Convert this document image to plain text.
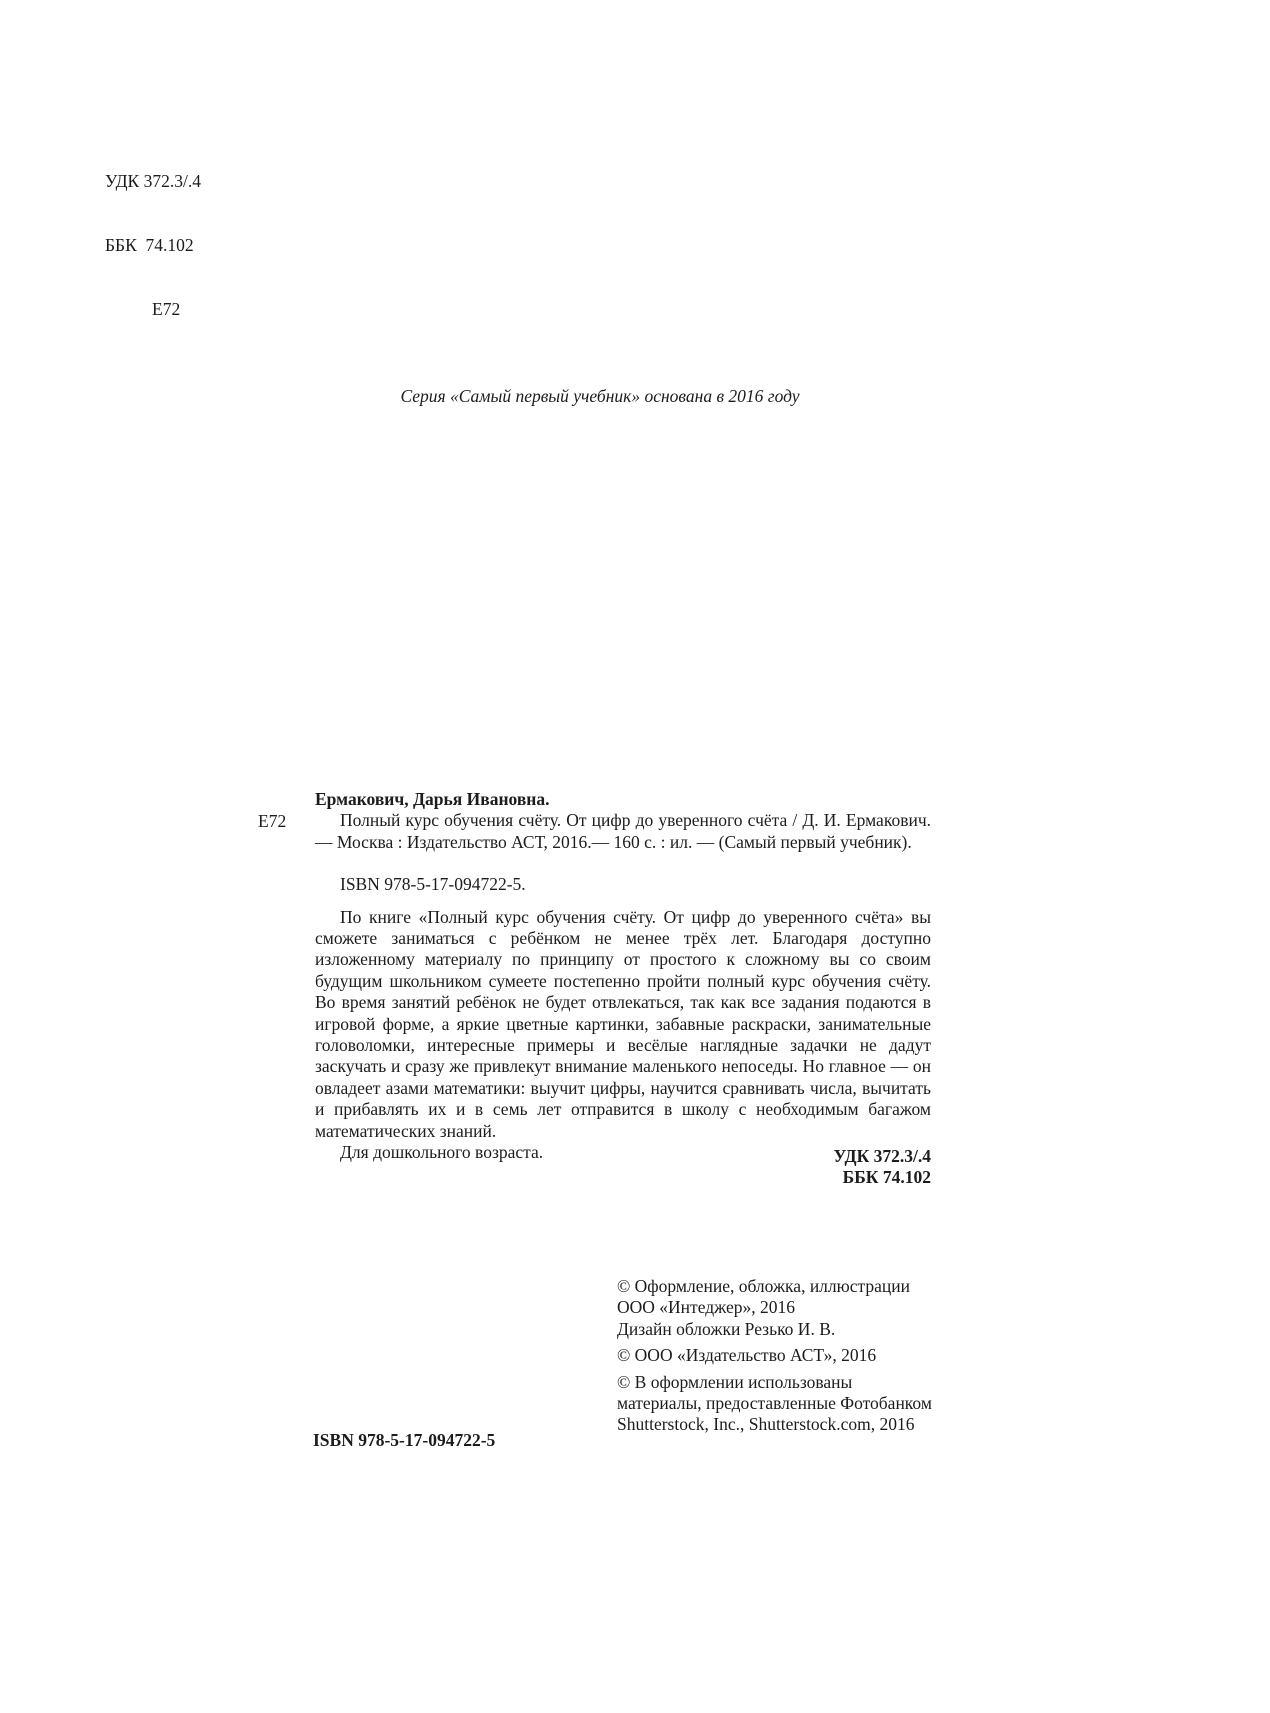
УДК 372.3/.4

ББК  74.102

Е72

Серия «Самый первый учебник» основана в 2016 году
Е72

Ермакович, Дарья Ивановна.

Полный курс обучения счёту. От цифр до уверенного счёта / Д. И. Ермакович. — Москва : Издательство АСТ, 2016.— 160 с. : ил. — (Самый первый учебник).

ISBN 978-5-17-094722-5.

По книге «Полный курс обучения счёту. От цифр до уверенного счёта» вы сможете заниматься с ребёнком не менее трёх лет. Благодаря доступно изложенному материалу по принципу от простого к сложному вы со своим будущим школьником сумеете постепенно пройти полный курс обучения счёту. Во время занятий ребёнок не будет отвлекаться, так как все задания подаются в игровой форме, а яркие цветные картинки, забавные раскраски, занимательные головоломки, интересные примеры и весёлые наглядные задачки не дадут заскучать и сразу же привлекут внимание маленького непоседы. Но главное — он овладеет азами математики: выучит цифры, научится сравнивать числа, вычитать и прибавлять их и в семь лет отправится в школу с необходимым багажом математических знаний.

Для дошкольного возраста.	УДК 372.3/.4
ББК 74.102
© Оформление, обложка, иллюстрации
ООО «Интеджер», 2016
Дизайн обложки Резько И. В.
© ООО «Издательство АСТ», 2016
© В оформлении использованы
материалы, предоставленные Фотобанком
Shutterstock, Inc., Shutterstock.com, 2016
ISBN 978-5-17-094722-5
